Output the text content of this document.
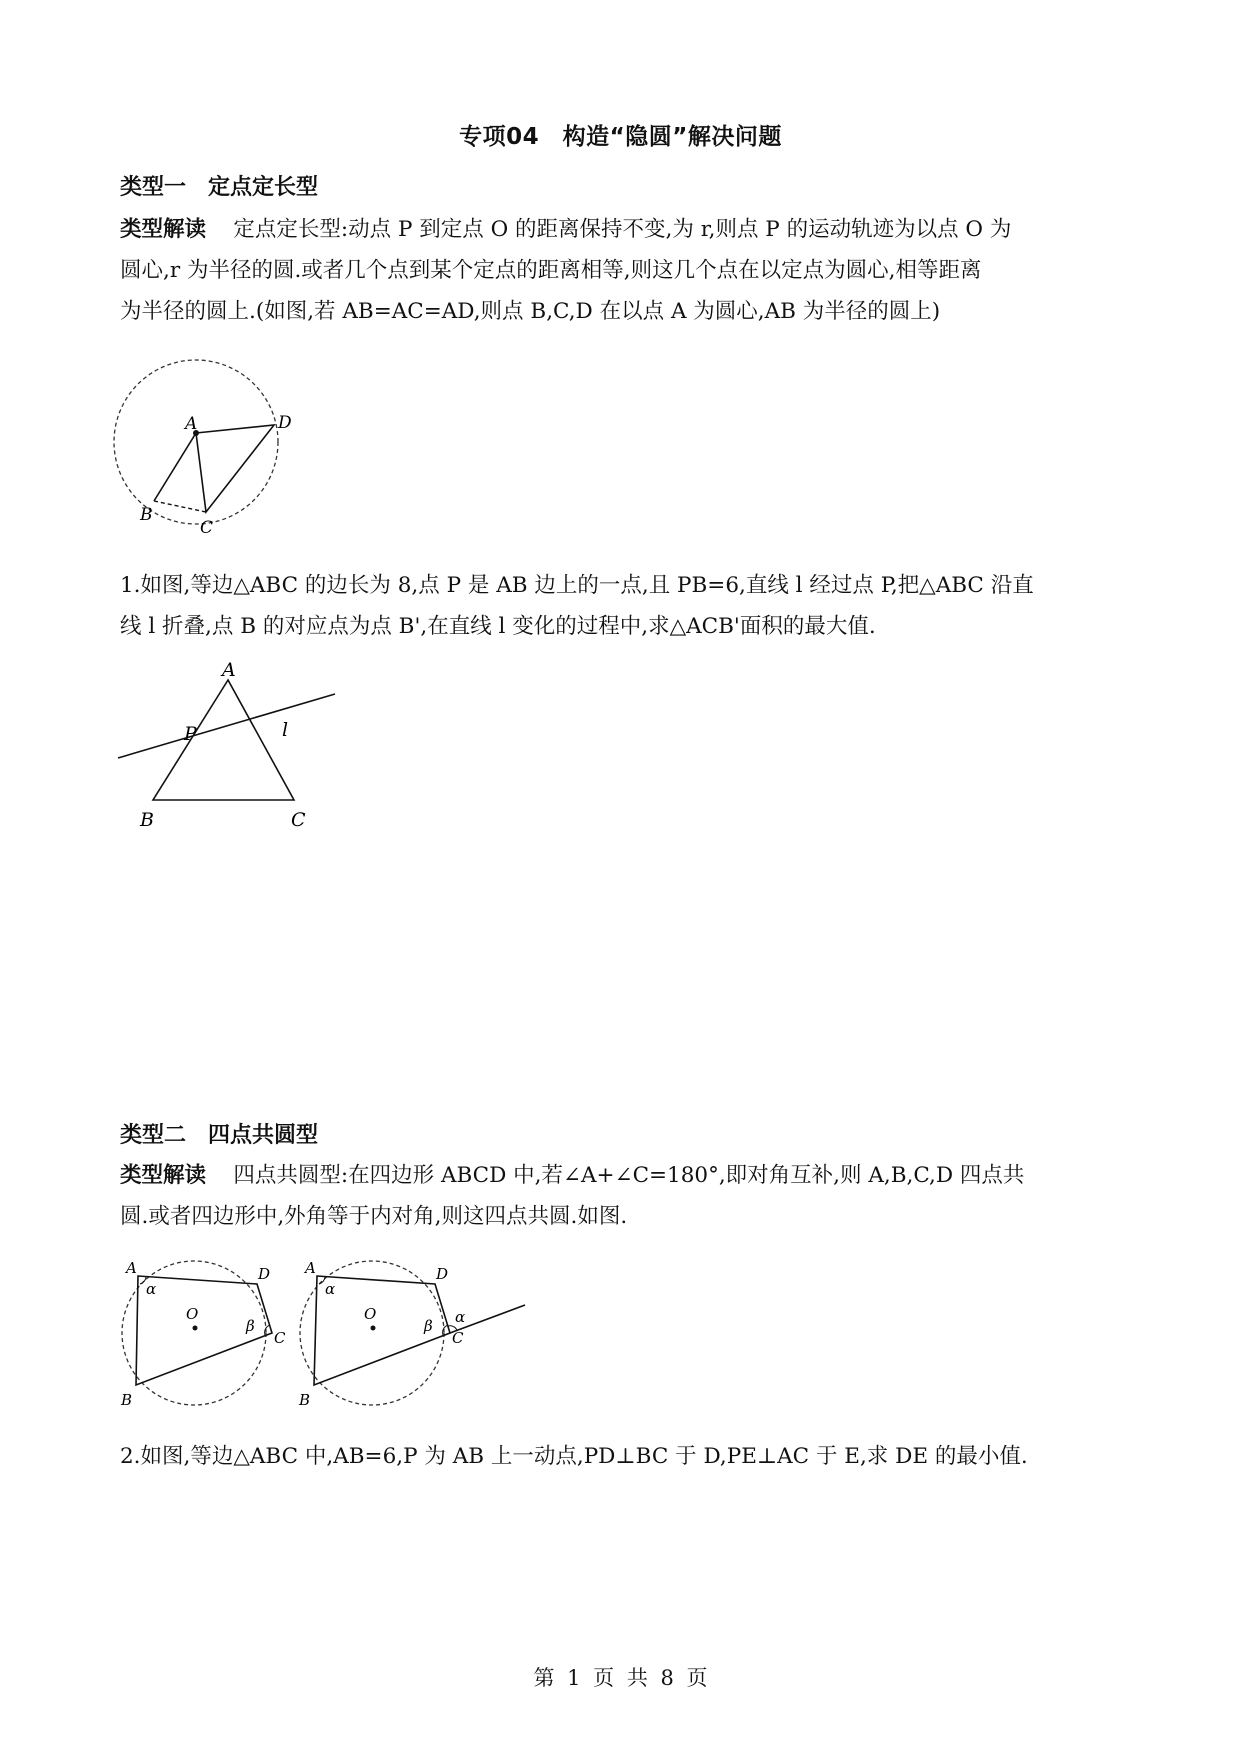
专项04　构造“隐圆”解决问题
类型一　定点定长型
类型解读 定点定长型:动点 P 到定点 O 的距离保持不变,为 r,则点 P 的运动轨迹为以点 O 为
圆心,r 为半径的圆.或者几个点到某个定点的距离相等,则这几个点在以定点为圆心,相等距离
为半径的圆上.(如图,若 AB=AC=AD,则点 B,C,D 在以点 A 为圆心,AB 为半径的圆上)
A	D
B
C
1.如图,等边△ABC 的边长为 8,点 P 是 AB 边上的一点,且 PB=6,直线 l 经过点 P,把△ABC 沿直
线 l 折叠,点 B 的对应点为点 B',在直线 l 变化的过程中,求△ACB'面积的最大值.
A
P	l
B	C
类型二　四点共圆型
类型解读 四点共圆型:在四边形 ABCD 中,若∠A+∠C=180°,即对角互补,则 A,B,C,D 四点共
圆.或者四边形中,外角等于内对角,则这四点共圆.如图.
A
α
D
O
β
C
B
A
α
D
O
β α
C
B
2.如图,等边△ABC 中,AB=6,P 为 AB 上一动点,PD⊥BC 于 D,PE⊥AC 于 E,求 DE 的最小值.
第 1 页 共 8 页
